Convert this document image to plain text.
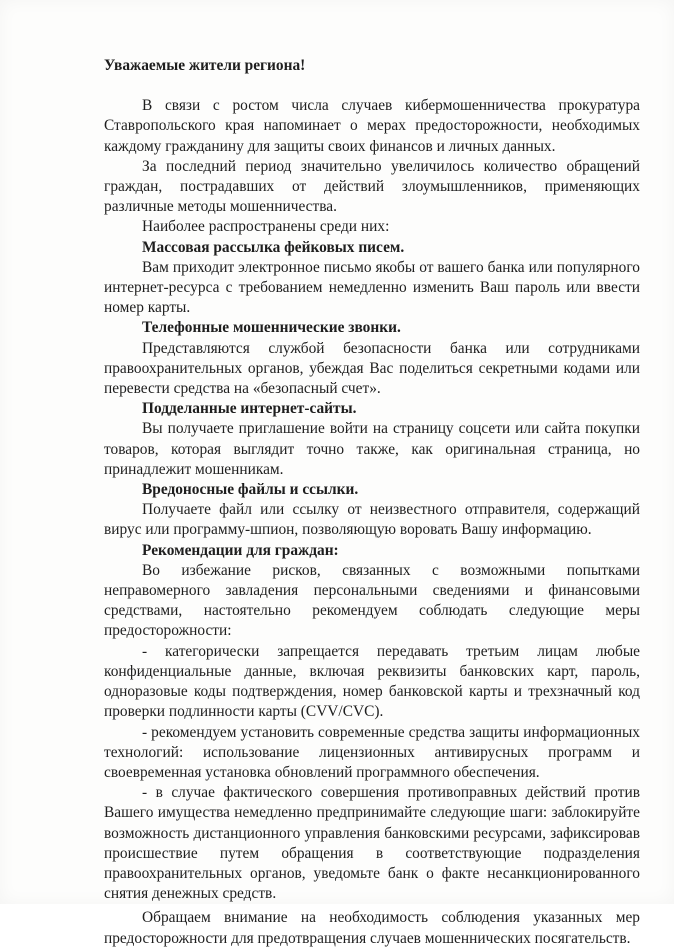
Уважаемые жители региона!

В связи с ростом числа случаев кибермошенничества прокуратура Ставропольского края напоминает о мерах предосторожности, необходимых каждому гражданину для защиты своих финансов и личных данных.

За последний период значительно увеличилось количество обращений граждан, пострадавших от действий злоумышленников, применяющих различные методы мошенничества.

Наиболее распространены среди них:

Массовая рассылка фейковых писем.

Вам приходит электронное письмо якобы от вашего банка или популярного интернет-ресурса с требованием немедленно изменить Ваш пароль или ввести номер карты.

Телефонные мошеннические звонки.

Представляются службой безопасности банка или сотрудниками правоохранительных органов, убеждая Вас поделиться секретными кодами или перевести средства на «безопасный счет».

Подделанные интернет-сайты.

Вы получаете приглашение войти на страницу соцсети или сайта покупки товаров, которая выглядит точно также, как оригинальная страница, но принадлежит мошенникам.

Вредоносные файлы и ссылки.

Получаете файл или ссылку от неизвестного отправителя, содержащий вирус или программу-шпион, позволяющую воровать Вашу информацию.

Рекомендации для граждан:

Во избежание рисков, связанных с возможными попытками неправомерного завладения персональными сведениями и финансовыми средствами, настоятельно рекомендуем соблюдать следующие меры предосторожности:

- категорически запрещается передавать третьим лицам любые конфиденциальные данные, включая реквизиты банковских карт, пароль, одноразовые коды подтверждения, номер банковской карты и трехзначный код проверки подлинности карты (CVV/CVC).

- рекомендуем установить современные средства защиты информационных технологий: использование лицензионных антивирусных программ и своевременная установка обновлений программного обеспечения.

- в случае фактического совершения противоправных действий против Вашего имущества немедленно предпринимайте следующие шаги: заблокируйте возможность дистанционного управления банковскими ресурсами, зафиксировав происшествие путем обращения в соответствующие подразделения правоохранительных органов, уведомьте банк о факте несанкционированного снятия денежных средств.

Обращаем внимание на необходимость соблюдения указанных мер предосторожности для предотвращения случаев мошеннических посягательств.
